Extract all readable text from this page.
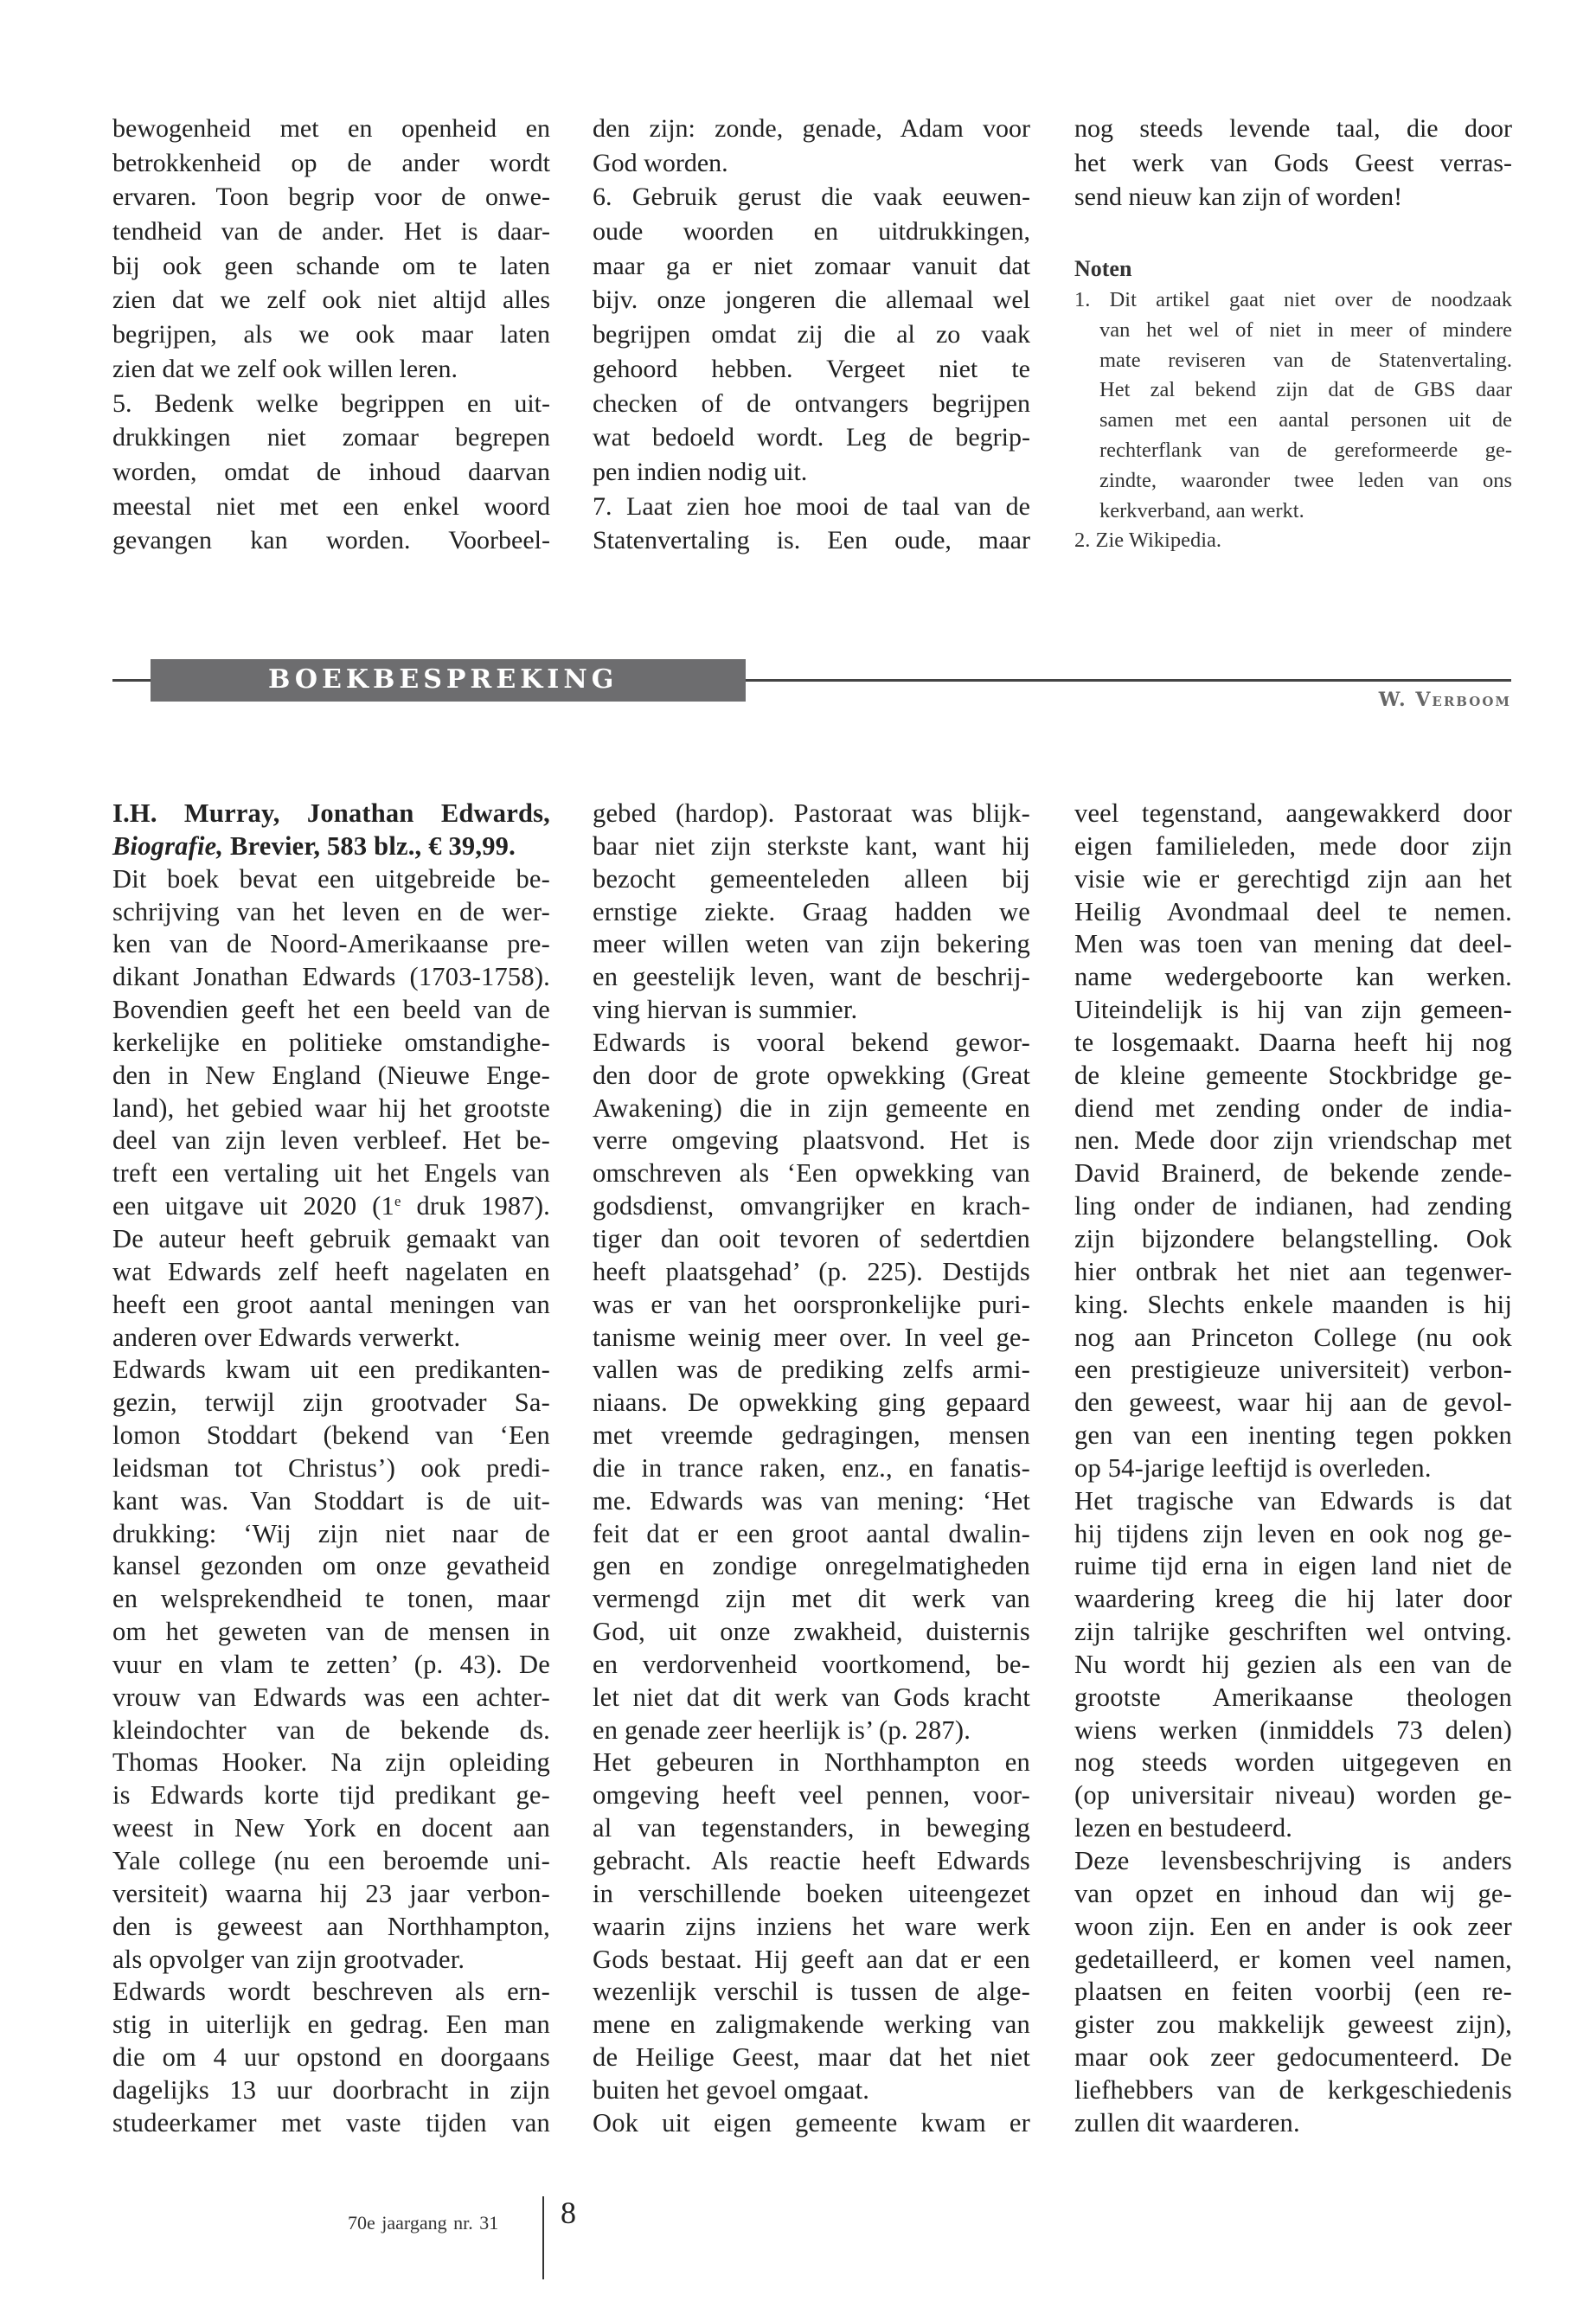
bewogenheid met en openheid en
betrokkenheid op de ander wordt
ervaren. Toon begrip voor de onwe-
tendheid van de ander. Het is daar-
bij ook geen schande om te laten
zien dat we zelf ook niet altijd alles
begrijpen, als we ook maar laten
zien dat we zelf ook willen leren.
5. Bedenk welke begrippen en uit-
drukkingen niet zomaar begrepen
worden, omdat de inhoud daarvan
meestal niet met een enkel woord
gevangen kan worden. Voorbeel-
den zijn: zonde, genade, Adam voor
God worden.
6. Gebruik gerust die vaak eeuwen-
oude woorden en uitdrukkingen,
maar ga er niet zomaar vanuit dat
bijv. onze jongeren die allemaal wel
begrijpen omdat zij die al zo vaak
gehoord hebben. Vergeet niet te
checken of de ontvangers begrijpen
wat bedoeld wordt. Leg de begrip-
pen indien nodig uit.
7. Laat zien hoe mooi de taal van de
Statenvertaling is. Een oude, maar
nog steeds levende taal, die door
het werk van Gods Geest verras-
send nieuw kan zijn of worden!
Noten
1. Dit artikel gaat niet over de noodzaak
van het wel of niet in meer of mindere
mate reviseren van de Statenvertaling.
Het zal bekend zijn dat de GBS daar
samen met een aantal personen uit de
rechterflank van de gereformeerde ge-
zindte, waaronder twee leden van ons
kerkverband, aan werkt.
2. Zie Wikipedia.
BOEKBESPREKING
W. Verboom
I.H. Murray, Jonathan Edwards,
Biografie, Brevier, 583 blz., € 39,99.
Dit boek bevat een uitgebreide be-
schrijving van het leven en de wer-
ken van de Noord-Amerikaanse pre-
dikant Jonathan Edwards (1703-1758).
Bovendien geeft het een beeld van de
kerkelijke en politieke omstandighe-
den in New England (Nieuwe Enge-
land), het gebied waar hij het grootste
deel van zijn leven verbleef. Het be-
treft een vertaling uit het Engels van
een uitgave uit 2020 (1e druk 1987).
De auteur heeft gebruik gemaakt van
wat Edwards zelf heeft nagelaten en
heeft een groot aantal meningen van
anderen over Edwards verwerkt.
Edwards kwam uit een predikanten-
gezin, terwijl zijn grootvader Sa-
lomon Stoddart (bekend van ‘Een
leidsman tot Christus’) ook predi-
kant was. Van Stoddart is de uit-
drukking: ‘Wij zijn niet naar de
kansel gezonden om onze gevatheid
en welsprekendheid te tonen, maar
om het geweten van de mensen in
vuur en vlam te zetten’ (p. 43). De
vrouw van Edwards was een achter-
kleindochter van de bekende ds.
Thomas Hooker. Na zijn opleiding
is Edwards korte tijd predikant ge-
weest in New York en docent aan
Yale college (nu een beroemde uni-
versiteit) waarna hij 23 jaar verbon-
den is geweest aan Northhampton,
als opvolger van zijn grootvader.
Edwards wordt beschreven als ern-
stig in uiterlijk en gedrag. Een man
die om 4 uur opstond en doorgaans
dagelijks 13 uur doorbracht in zijn
studeerkamer met vaste tijden van
gebed (hardop). Pastoraat was blijk-
baar niet zijn sterkste kant, want hij
bezocht gemeenteleden alleen bij
ernstige ziekte. Graag hadden we
meer willen weten van zijn bekering
en geestelijk leven, want de beschrij-
ving hiervan is summier.
Edwards is vooral bekend gewor-
den door de grote opwekking (Great
Awakening) die in zijn gemeente en
verre omgeving plaatsvond. Het is
omschreven als ‘Een opwekking van
godsdienst, omvangrijker en krach-
tiger dan ooit tevoren of sedertdien
heeft plaatsgehad’ (p. 225). Destijds
was er van het oorspronkelijke puri-
tanisme weinig meer over. In veel ge-
vallen was de prediking zelfs armi-
niaans. De opwekking ging gepaard
met vreemde gedragingen, mensen
die in trance raken, enz., en fanatis-
me. Edwards was van mening: ‘Het
feit dat er een groot aantal dwalin-
gen en zondige onregelmatigheden
vermengd zijn met dit werk van
God, uit onze zwakheid, duisternis
en verdorvenheid voortkomend, be-
let niet dat dit werk van Gods kracht
en genade zeer heerlijk is’ (p. 287).
Het gebeuren in Northhampton en
omgeving heeft veel pennen, voor-
al van tegenstanders, in beweging
gebracht. Als reactie heeft Edwards
in verschillende boeken uiteengezet
waarin zijns inziens het ware werk
Gods bestaat. Hij geeft aan dat er een
wezenlijk verschil is tussen de alge-
mene en zaligmakende werking van
de Heilige Geest, maar dat het niet
buiten het gevoel omgaat.
Ook uit eigen gemeente kwam er
veel tegenstand, aangewakkerd door
eigen familieleden, mede door zijn
visie wie er gerechtigd zijn aan het
Heilig Avondmaal deel te nemen.
Men was toen van mening dat deel-
name wedergeboorte kan werken.
Uiteindelijk is hij van zijn gemeen-
te losgemaakt. Daarna heeft hij nog
de kleine gemeente Stockbridge ge-
diend met zending onder de india-
nen. Mede door zijn vriendschap met
David Brainerd, de bekende zende-
ling onder de indianen, had zending
zijn bijzondere belangstelling. Ook
hier ontbrak het niet aan tegenwer-
king. Slechts enkele maanden is hij
nog aan Princeton College (nu ook
een prestigieuze universiteit) verbon-
den geweest, waar hij aan de gevol-
gen van een inenting tegen pokken
op 54-jarige leeftijd is overleden.
Het tragische van Edwards is dat
hij tijdens zijn leven en ook nog ge-
ruime tijd erna in eigen land niet de
waardering kreeg die hij later door
zijn talrijke geschriften wel ontving.
Nu wordt hij gezien als een van de
grootste Amerikaanse theologen
wiens werken (inmiddels 73 delen)
nog steeds worden uitgegeven en
(op universitair niveau) worden ge-
lezen en bestudeerd.
Deze levensbeschrijving is anders
van opzet en inhoud dan wij ge-
woon zijn. Een en ander is ook zeer
gedetailleerd, er komen veel namen,
plaatsen en feiten voorbij (een re-
gister zou makkelijk geweest zijn),
maar ook zeer gedocumenteerd. De
liefhebbers van de kerkgeschiedenis
zullen dit waarderen.
70e jaargang nr. 31 8
